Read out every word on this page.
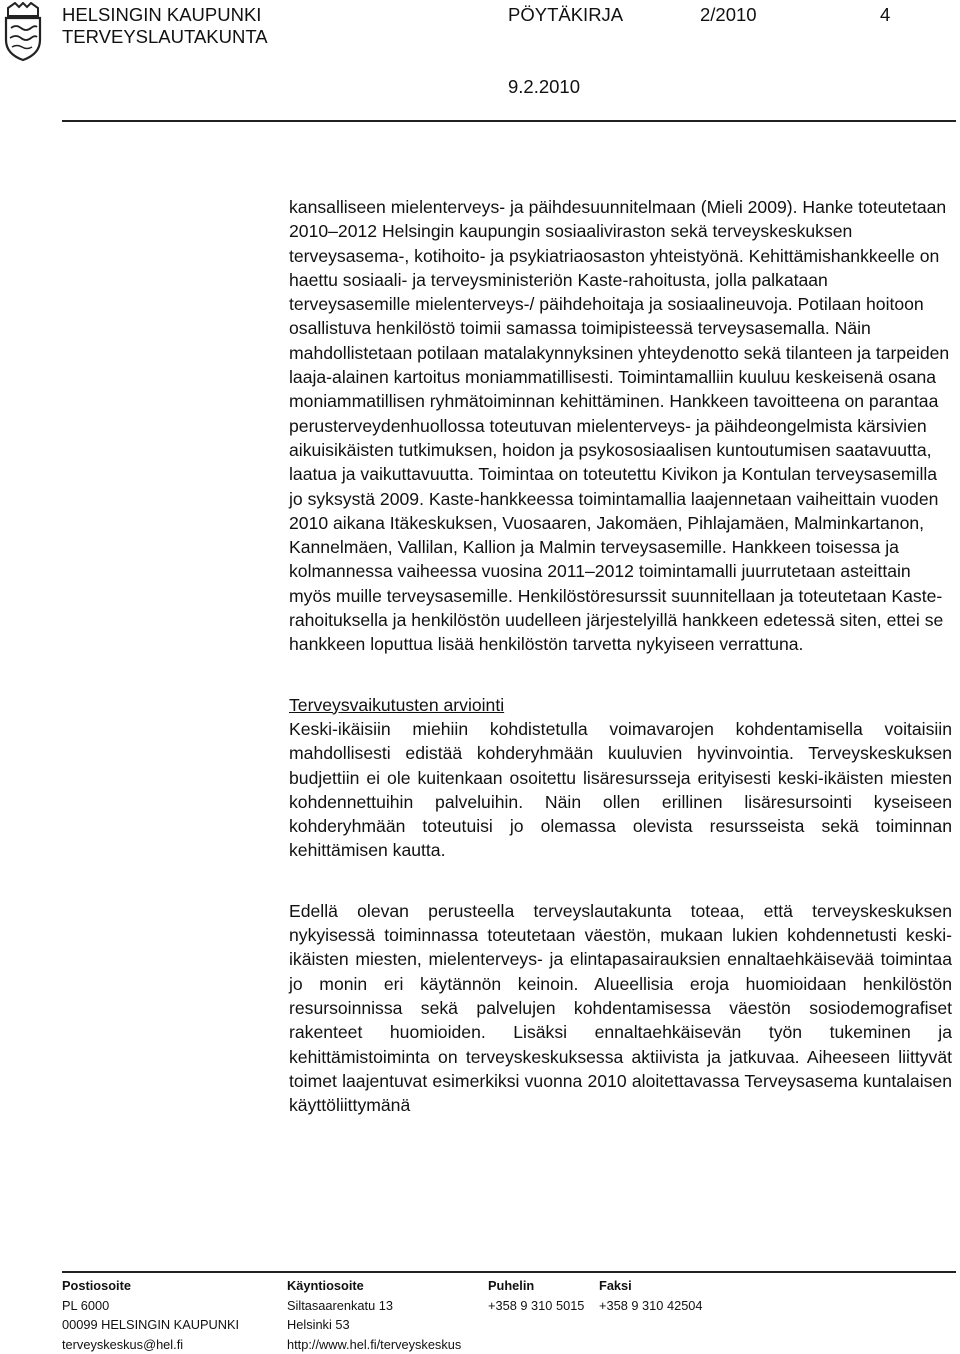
HELSINGIN KAUPUNKI
TERVEYSLAUTAKUNTA
PÖYTÄKIRJA	2/2010	4
9.2.2010

kansalliseen mielenterveys- ja päihdesuunnitelmaan (Mieli 2009). Hanke toteutetaan 2010–2012 Helsingin kaupungin sosiaaliviraston sekä terveyskeskuksen terveysasema-, kotihoito- ja psykiatriaosaston yhteistyönä. Kehittämishankkeelle on haettu sosiaali- ja terveysministeriön Kaste-rahoitusta, jolla palkataan terveysasemille mielenterveys-/ päihdehoitaja ja sosiaalineuvoja. Potilaan hoitoon osallistuva henkilöstö toimii samassa toimipisteessä terveysasemalla. Näin mahdollistetaan potilaan matalakynnyksinen yhteydenotto sekä tilanteen ja tarpeiden laaja-alainen kartoitus moniammatillisesti. Toimintamalliin kuuluu keskeisenä osana moniammatillisen ryhmätoiminnan kehittäminen. Hankkeen tavoitteena on parantaa perusterveydenhuollossa toteutuvan mielenterveys- ja päihdeongelmista kärsivien aikuisikäisten tutkimuksen, hoidon ja psykososiaalisen kuntoutumisen saatavuutta, laatua ja vaikuttavuutta. Toimintaa on toteutettu Kivikon ja Kontulan terveysasemilla jo syksystä 2009. Kaste-hankkeessa toimintamallia laajennetaan vaiheittain vuoden 2010 aikana Itäkeskuksen, Vuosaaren, Jakomäen, Pihlajamäen, Malminkartanon, Kannelmäen, Vallilan, Kallion ja Malmin terveysasemille. Hankkeen toisessa ja kolmannessa vaiheessa vuosina 2011–2012 toimintamalli juurrutetaan asteittain myös muille terveysasemille. Henkilöstöresurssit suunnitellaan ja toteutetaan Kaste-rahoituksella ja henkilöstön uudelleen järjestelyillä hankkeen edetessä siten, ettei se hankkeen loputtua lisää henkilöstön tarvetta nykyiseen verrattuna.

Terveysvaikutusten arviointi

Keski-ikäisiin miehiin kohdistetulla voimavarojen kohdentamisella voitaisiin mahdollisesti edistää kohderyhmään kuuluvien hyvinvointia. Terveyskeskuksen budjettiin ei ole kuitenkaan osoitettu lisäresursseja erityisesti keski-ikäisten miesten kohdennettuihin palveluihin. Näin ollen erillinen lisäresursointi kyseiseen kohderyhmään toteutuisi jo olemassa olevista resursseista sekä toiminnan kehittämisen kautta.

Edellä olevan perusteella terveyslautakunta toteaa, että terveyskeskuksen nykyisessä toiminnassa toteutetaan väestön, mukaan lukien kohdennetusti keski-ikäisten miesten, mielenterveys- ja elintapasairauksien ennaltaehkäisevää toimintaa jo monin eri käytännön keinoin. Alueellisia eroja huomioidaan henkilöstön resursoinnissa sekä palvelujen kohdentamisessa väestön sosiodemografiset rakenteet huomioiden. Lisäksi ennaltaehkäisevän työn tukeminen ja kehittämistoiminta on terveyskeskuksessa aktiivista ja jatkuvaa. Aiheeseen liittyvät toimet laajentuvat esimerkiksi vuonna 2010 aloitettavassa Terveysasema kuntalaisen käyttöliittymänä

Postiosoite
PL 6000
00099 HELSINGIN KAUPUNKI
terveyskeskus@hel.fi
Käyntiosoite
Siltasaarenkatu 13
Helsinki 53
http://www.hel.fi/terveyskeskus
Puhelin
+358 9 310 5015
Faksi
+358 9 310 42504
